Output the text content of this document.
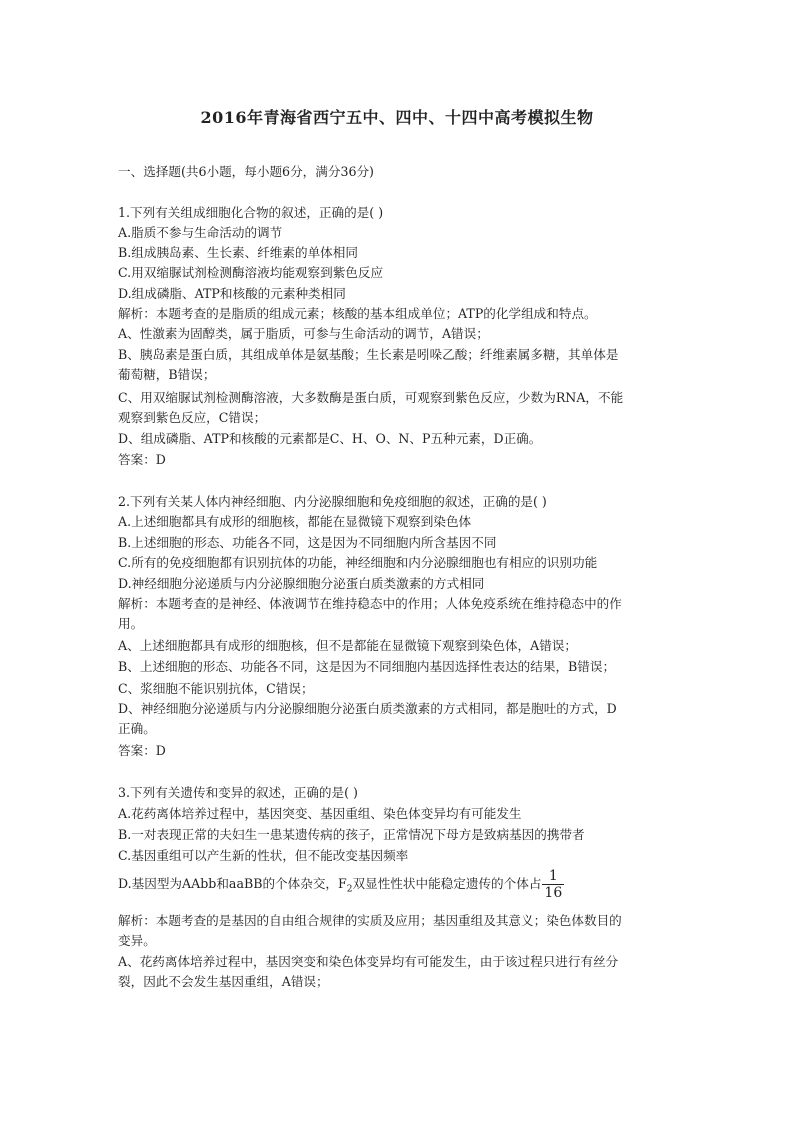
2016年青海省西宁五中、四中、十四中高考模拟生物
一、选择题(共6小题，每小题6分，满分36分)
1.下列有关组成细胞化合物的叙述，正确的是( )
A.脂质不参与生命活动的调节
B.组成胰岛素、生长素、纤维素的单体相同
C.用双缩脲试剂检测酶溶液均能观察到紫色反应
D.组成磷脂、ATP和核酸的元素种类相同
解析：本题考查的是脂质的组成元素；核酸的基本组成单位；ATP的化学组成和特点。
A、性激素为固醇类，属于脂质，可参与生命活动的调节，A错误；
B、胰岛素是蛋白质，其组成单体是氨基酸；生长素是吲哚乙酸；纤维素属多糖，其单体是
葡萄糖，B错误；
C、用双缩脲试剂检测酶溶液，大多数酶是蛋白质，可观察到紫色反应，少数为RNA，不能
观察到紫色反应，C错误；
D、组成磷脂、ATP和核酸的元素都是C、H、O、N、P五种元素，D正确。
答案：D
2.下列有关某人体内神经细胞、内分泌腺细胞和免疫细胞的叙述，正确的是( )
A.上述细胞都具有成形的细胞核，都能在显微镜下观察到染色体
B.上述细胞的形态、功能各不同，这是因为不同细胞内所含基因不同
C.所有的免疫细胞都有识别抗体的功能，神经细胞和内分泌腺细胞也有相应的识别功能
D.神经细胞分泌递质与内分泌腺细胞分泌蛋白质类激素的方式相同
解析：本题考查的是神经、体液调节在维持稳态中的作用；人体免疫系统在维持稳态中的作
用。
A、上述细胞都具有成形的细胞核，但不是都能在显微镜下观察到染色体，A错误；
B、上述细胞的形态、功能各不同，这是因为不同细胞内基因选择性表达的结果，B错误；
C、浆细胞不能识别抗体，C错误；
D、神经细胞分泌递质与内分泌腺细胞分泌蛋白质类激素的方式相同，都是胞吐的方式，D
正确。
答案：D
3.下列有关遗传和变异的叙述，正确的是( )
A.花药离体培养过程中，基因突变、基因重组、染色体变异均有可能发生
B.一对表现正常的夫妇生一患某遗传病的孩子，正常情况下母方是致病基因的携带者
C.基因重组可以产生新的性状，但不能改变基因频率
D.基因型为AAbb和aaBB的个体杂交，$F_2$双显性性状中能稳定遗传的个体占 $\frac{1}{16}$
解析：本题考查的是基因的自由组合规律的实质及应用；基因重组及其意义；染色体数目的
变异。
A、花药离体培养过程中，基因突变和染色体变异均有可能发生，由于该过程只进行有丝分
裂，因此不会发生基因重组，A错误；
